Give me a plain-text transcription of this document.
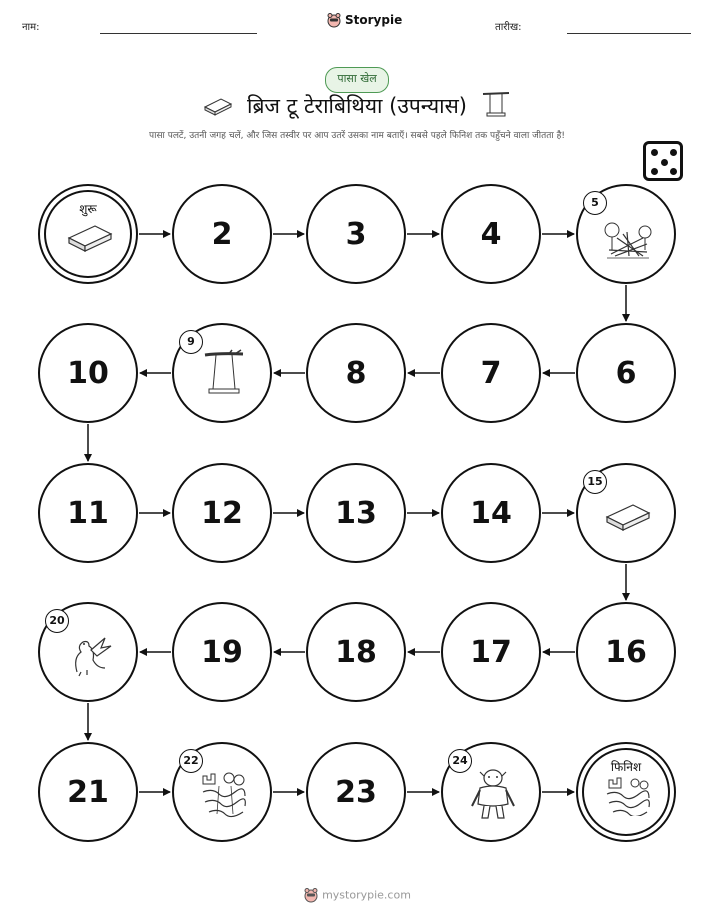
नाम:
Storypie
तारीख:
पासा खेल
ब्रिज टू टेराबिथिया (उपन्यास)
पासा पलटें, उतनी जगह चलें, और जिस तस्वीर पर आप उतरें उसका नाम बताएँ। सबसे पहले फिनिश तक पहुँचने वाला जीतता है!
शुरू
2	3	4
5
10
9
8	7	6
11	12	13	14
15
20
19	18	17	16
21
22
23
24	फिनिश
mystorypie.com
